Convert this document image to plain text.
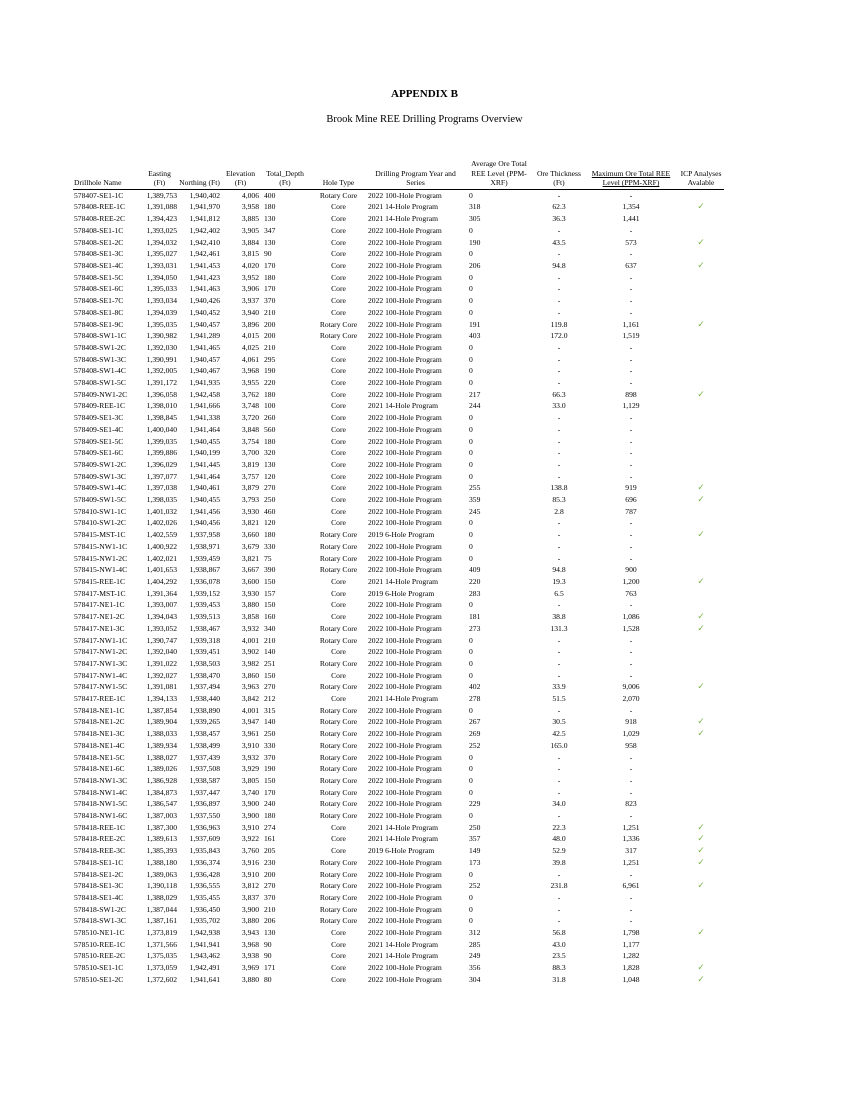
APPENDIX B
Brook Mine REE Drilling Programs Overview
Drillhole Name	Easting (Ft)	Northing (Ft)	Elevation (Ft)	Total_Depth (Ft)	Hole Type	Drilling Program Year and Series	Average Ore Total REE Level (PPM-XRF)	Ore Thickness (Ft)	Maximum Ore Total REE Level (PPM-XRF)	ICP Analyses Avalable
578407-SE1-1C	1,389,753	1,940,402	4,006	400	Rotary Core	2022 100-Hole Program	0	-	-	
578408-REE-1C	1,391,088	1,941,970	3,958	180	Core	2021 14-Hole Program	318	62.3	1,354	✓
578408-REE-2C	1,394,423	1,941,812	3,885	130	Core	2021 14-Hole Program	305	36.3	1,441	
578408-SE1-1C	1,393,025	1,942,402	3,905	347	Core	2022 100-Hole Program	0	-	-	
578408-SE1-2C	1,394,032	1,942,410	3,884	130	Core	2022 100-Hole Program	190	43.5	573	✓
578408-SE1-3C	1,395,027	1,942,461	3,815	90	Core	2022 100-Hole Program	0	-	-	
578408-SE1-4C	1,393,031	1,941,453	4,020	170	Core	2022 100-Hole Program	206	94.8	637	✓
578408-SE1-5C	1,394,050	1,941,423	3,952	180	Core	2022 100-Hole Program	0	-	-	
578408-SE1-6C	1,395,033	1,941,463	3,906	170	Core	2022 100-Hole Program	0	-	-	
578408-SE1-7C	1,393,034	1,940,426	3,937	370	Core	2022 100-Hole Program	0	-	-	
578408-SE1-8C	1,394,039	1,940,452	3,940	210	Core	2022 100-Hole Program	0	-	-	
578408-SE1-9C	1,395,035	1,940,457	3,896	200	Rotary Core	2022 100-Hole Program	191	119.8	1,161	✓
578408-SW1-1C	1,390,982	1,941,289	4,015	200	Rotary Core	2022 100-Hole Program	403	172.0	1,519	
578408-SW1-2C	1,392,030	1,941,465	4,025	210	Core	2022 100-Hole Program	0	-	-	
578408-SW1-3C	1,390,991	1,940,457	4,061	295	Core	2022 100-Hole Program	0	-	-	
578408-SW1-4C	1,392,005	1,940,467	3,968	190	Core	2022 100-Hole Program	0	-	-	
578408-SW1-5C	1,391,172	1,941,935	3,955	220	Core	2022 100-Hole Program	0	-	-	
578409-NW1-2C	1,396,058	1,942,458	3,762	180	Core	2022 100-Hole Program	217	66.3	898	✓
578409-REE-1C	1,398,010	1,941,666	3,748	100	Core	2021 14-Hole Program	244	33.0	1,129	
578409-SE1-3C	1,398,845	1,941,338	3,720	260	Core	2022 100-Hole Program	0	-	-	
578409-SE1-4C	1,400,040	1,941,464	3,848	560	Core	2022 100-Hole Program	0	-	-	
578409-SE1-5C	1,399,035	1,940,455	3,754	180	Core	2022 100-Hole Program	0	-	-	
578409-SE1-6C	1,399,886	1,940,199	3,700	320	Core	2022 100-Hole Program	0	-	-	
578409-SW1-2C	1,396,029	1,941,445	3,819	130	Core	2022 100-Hole Program	0	-	-	
578409-SW1-3C	1,397,077	1,941,464	3,757	120	Core	2022 100-Hole Program	0	-	-	
578409-SW1-4C	1,397,038	1,940,461	3,879	270	Core	2022 100-Hole Program	255	138.8	919	✓
578409-SW1-5C	1,398,035	1,940,455	3,793	250	Core	2022 100-Hole Program	359	85.3	696	✓
578410-SW1-1C	1,401,032	1,941,456	3,930	460	Core	2022 100-Hole Program	245	2.8	787	
578410-SW1-2C	1,402,026	1,940,456	3,821	120	Core	2022 100-Hole Program	0	-	-	
578415-MST-1C	1,402,559	1,937,958	3,660	180	Rotary Core	2019 6-Hole Program	0	-	-	✓
578415-NW1-1C	1,400,922	1,938,971	3,679	330	Rotary Core	2022 100-Hole Program	0	-	-	
578415-NW1-2C	1,402,021	1,939,459	3,821	75	Rotary Core	2022 100-Hole Program	0	-	-	
578415-NW1-4C	1,401,653	1,938,867	3,667	390	Rotary Core	2022 100-Hole Program	409	94.8	900	
578415-REE-1C	1,404,292	1,936,078	3,600	150	Core	2021 14-Hole Program	220	19.3	1,200	✓
578417-MST-1C	1,391,364	1,939,152	3,930	157	Core	2019 6-Hole Program	283	6.5	763	
578417-NE1-1C	1,393,007	1,939,453	3,880	150	Core	2022 100-Hole Program	0	-	-	
578417-NE1-2C	1,394,043	1,939,513	3,858	160	Core	2022 100-Hole Program	181	38.8	1,086	✓
578417-NE1-3C	1,393,052	1,938,467	3,932	340	Rotary Core	2022 100-Hole Program	273	131.3	1,528	✓
578417-NW1-1C	1,390,747	1,939,318	4,001	210	Rotary Core	2022 100-Hole Program	0	-	-	
578417-NW1-2C	1,392,040	1,939,451	3,902	140	Core	2022 100-Hole Program	0	-	-	
578417-NW1-3C	1,391,022	1,938,503	3,982	251	Rotary Core	2022 100-Hole Program	0	-	-	
578417-NW1-4C	1,392,027	1,938,470	3,860	150	Core	2022 100-Hole Program	0	-	-	
578417-NW1-5C	1,391,081	1,937,494	3,963	270	Rotary Core	2022 100-Hole Program	402	33.9	9,006	✓
578417-REE-1C	1,394,133	1,938,440	3,842	212	Core	2021 14-Hole Program	278	51.5	2,070	
578418-NE1-1C	1,387,854	1,938,890	4,001	315	Rotary Core	2022 100-Hole Program	0	-	-	
578418-NE1-2C	1,389,904	1,939,265	3,947	140	Rotary Core	2022 100-Hole Program	267	30.5	918	✓
578418-NE1-3C	1,388,033	1,938,457	3,961	250	Rotary Core	2022 100-Hole Program	269	42.5	1,029	✓
578418-NE1-4C	1,389,934	1,938,499	3,910	330	Rotary Core	2022 100-Hole Program	252	165.0	958	
578418-NE1-5C	1,388,027	1,937,439	3,932	370	Rotary Core	2022 100-Hole Program	0	-	-	
578418-NE1-6C	1,389,026	1,937,508	3,929	190	Rotary Core	2022 100-Hole Program	0	-	-	
578418-NW1-3C	1,386,928	1,938,587	3,805	150	Rotary Core	2022 100-Hole Program	0	-	-	
578418-NW1-4C	1,384,873	1,937,447	3,740	170	Rotary Core	2022 100-Hole Program	0	-	-	
578418-NW1-5C	1,386,547	1,936,897	3,900	240	Rotary Core	2022 100-Hole Program	229	34.0	823	
578418-NW1-6C	1,387,003	1,937,550	3,900	180	Rotary Core	2022 100-Hole Program	0	-	-	
578418-REE-1C	1,387,300	1,936,963	3,910	274	Core	2021 14-Hole Program	250	22.3	1,251	✓
578418-REE-2C	1,389,613	1,937,609	3,922	161	Core	2021 14-Hole Program	357	48.0	1,336	✓
578418-REE-3C	1,385,393	1,935,843	3,760	205	Core	2019 6-Hole Program	149	52.9	317	✓
578418-SE1-1C	1,388,180	1,936,374	3,916	230	Rotary Core	2022 100-Hole Program	173	39.8	1,251	✓
578418-SE1-2C	1,389,063	1,936,428	3,910	200	Rotary Core	2022 100-Hole Program	0	-	-	
578418-SE1-3C	1,390,118	1,936,555	3,812	270	Rotary Core	2022 100-Hole Program	252	231.8	6,961	✓
578418-SE1-4C	1,388,029	1,935,455	3,837	370	Rotary Core	2022 100-Hole Program	0	-	-	
578418-SW1-2C	1,387,044	1,936,450	3,900	210	Rotary Core	2022 100-Hole Program	0	-	-	
578418-SW1-3C	1,387,161	1,935,702	3,880	206	Rotary Core	2022 100-Hole Program	0	-	-	
578510-NE1-1C	1,373,819	1,942,938	3,943	130	Core	2022 100-Hole Program	312	56.8	1,798	✓
578510-REE-1C	1,371,566	1,941,941	3,968	90	Core	2021 14-Hole Program	285	43.0	1,177	
578510-REE-2C	1,375,035	1,943,462	3,938	90	Core	2021 14-Hole Program	249	23.5	1,282	
578510-SE1-1C	1,373,059	1,942,491	3,969	171	Core	2022 100-Hole Program	356	88.3	1,828	✓
578510-SE1-2C	1,372,602	1,941,641	3,880	80	Core	2022 100-Hole Program	304	31.8	1,048	✓
